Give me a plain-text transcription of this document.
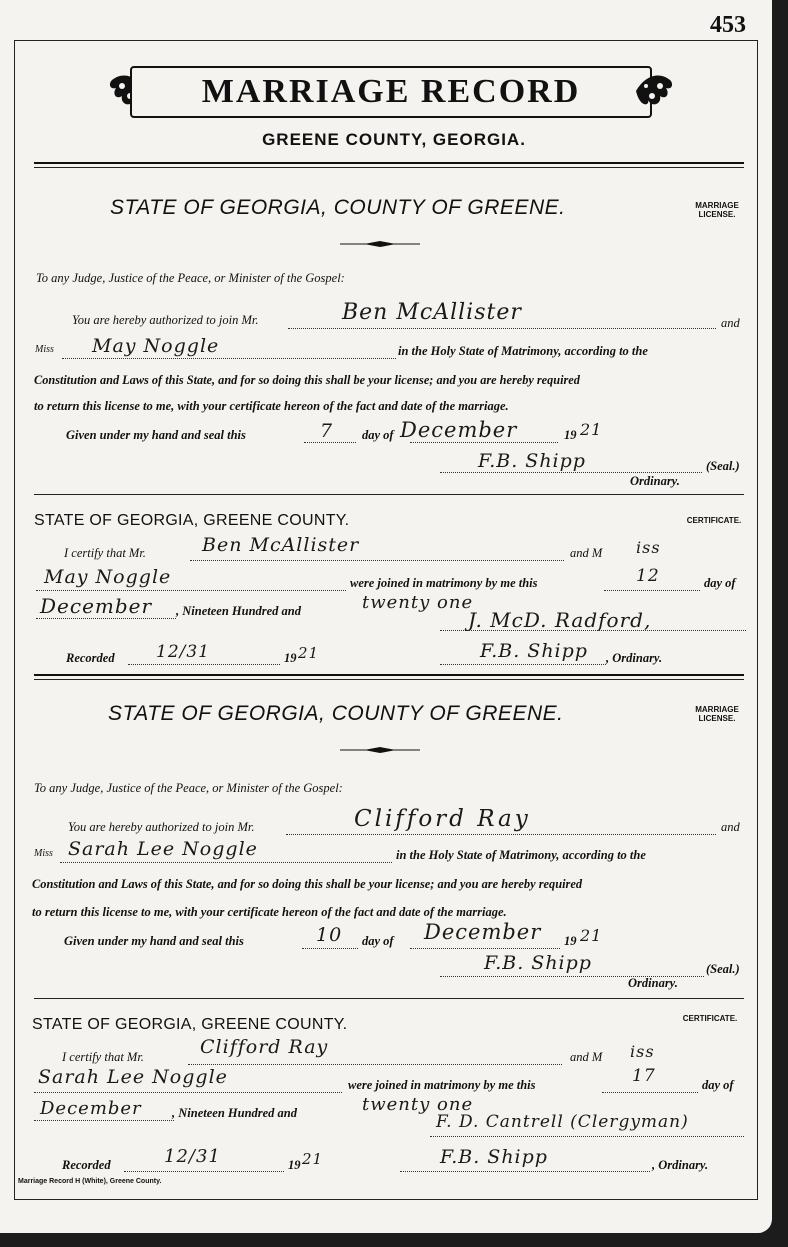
453
MARRIAGE RECORD
GREENE COUNTY, GEORGIA.
STATE OF GEORGIA, COUNTY OF GREENE.	MARRIAGE LICENSE.
To any Judge, Justice of the Peace, or Minister of the Gospel:
You are hereby authorized to join Mr.	Ben McAllister	and
Miss May Noggle	in the Holy State of Matrimony, according to the
Constitution and Laws of this State, and for so doing this shall be your license; and you are hereby required
to return this license to me, with your certificate hereon of the fact and date of the marriage.
Given under my hand and seal this	7 day of December	19 21
F.B. Shipp	(Seal.)
Ordinary.
STATE OF GEORGIA, GREENE COUNTY.	CERTIFICATE.
I certify that Mr.	Ben McAllister	and M iss
May Noggle	were joined in matrimony by me this	12	day of
December , Nineteen Hundred and	twenty one
J. McD. Radford,
Recorded 12/31	19 21	F.B. Shipp , Ordinary.
STATE OF GEORGIA, COUNTY OF GREENE.	MARRIAGE LICENSE.
To any Judge, Justice of the Peace, or Minister of the Gospel:
You are hereby authorized to join Mr.	Clifford Ray	and
Miss Sarah Lee Noggle	in the Holy State of Matrimony, according to the
Constitution and Laws of this State, and for so doing this shall be your license; and you are hereby required
to return this license to me, with your certificate hereon of the fact and date of the marriage.
Given under my hand and seal this	10 day of December 19 21
F.B. Shipp	(Seal.)
Ordinary.
STATE OF GEORGIA, GREENE COUNTY.	CERTIFICATE.
I certify that Mr.	Clifford Ray	and M iss
Sarah Lee Noggle	were joined in matrimony by me this	17	day of
December , Nineteen Hundred and	twenty one
F. D. Cantrell (Clergyman)
Recorded	12/31	19 21	F.B. Shipp	, Ordinary.
Marriage Record H (White), Greene County.
